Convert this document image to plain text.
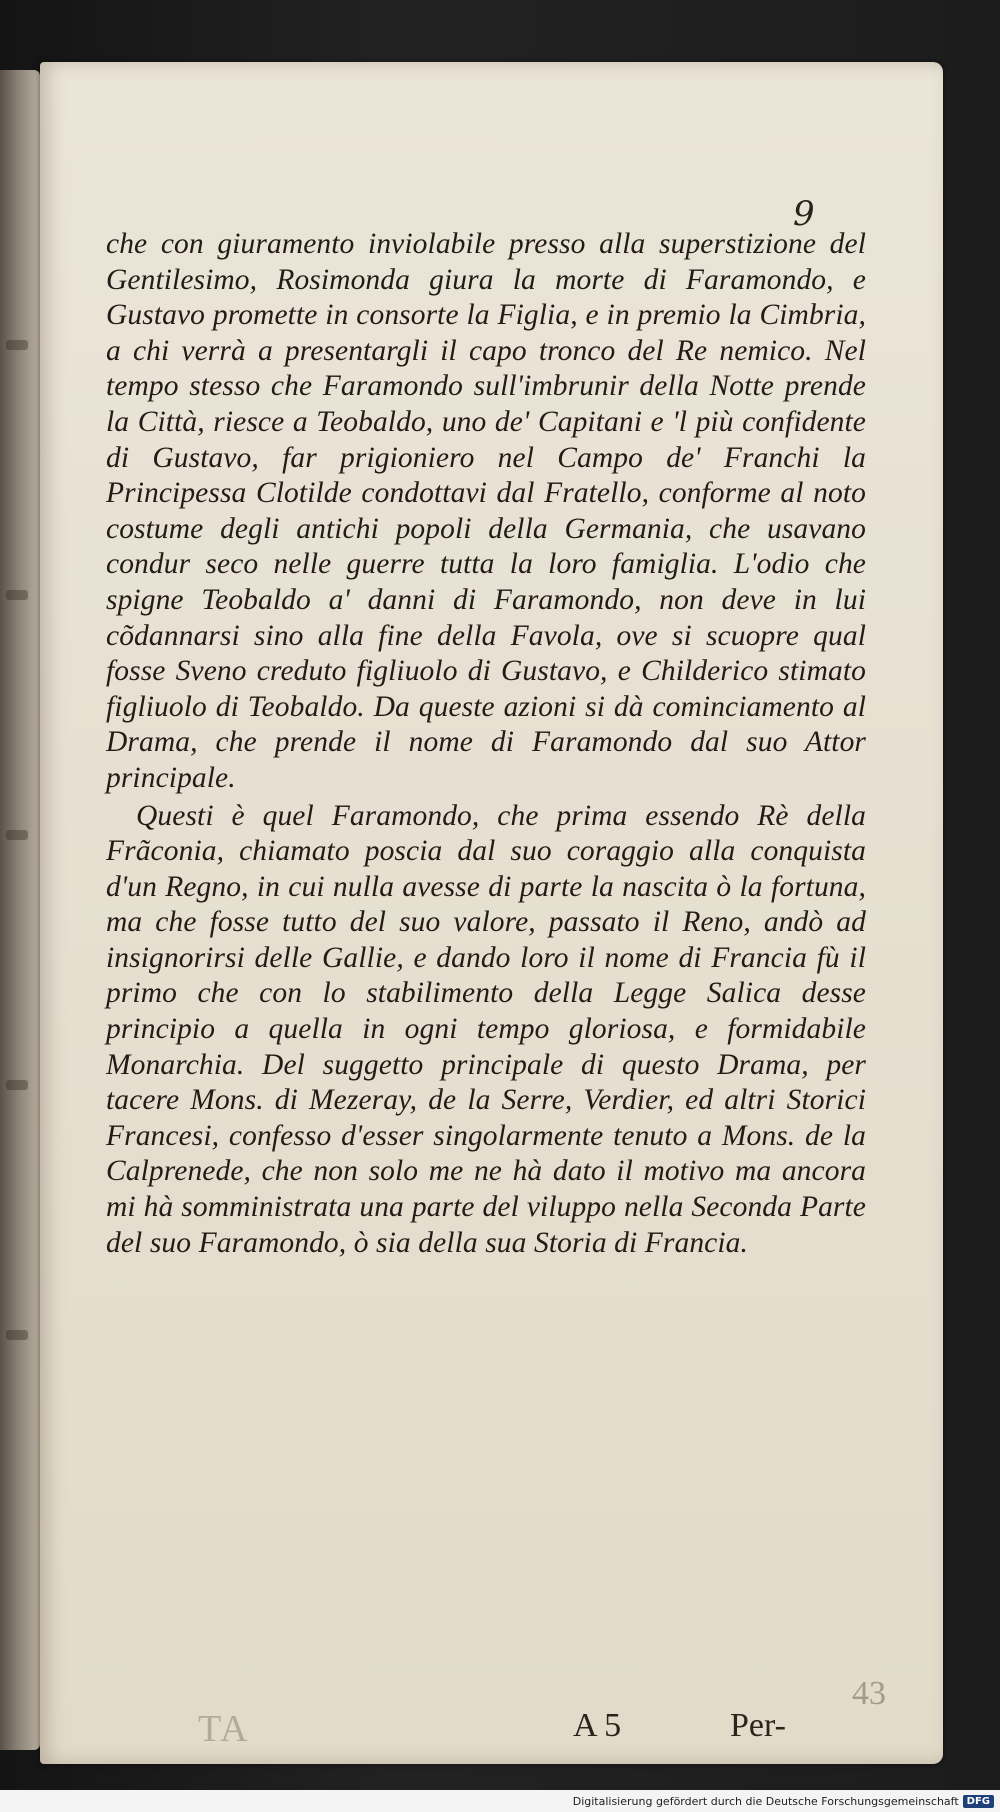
9

che con giuramento inviolabile presso alla superstizione del Gentilesimo, Rosimonda giura la morte di Faramondo, e Gustavo promette in consorte la Figlia, e in premio la Cimbria, a chi verrà a presentargli il capo tronco del Re nemico. Nel tempo stesso che Faramondo sull'imbrunir della Notte prende la Città, riesce a Teobaldo, uno de' Capitani e 'l più confidente di Gustavo, far prigioniero nel Campo de' Franchi la Principessa Clotilde condottavi dal Fratello, conforme al noto costume degli antichi popoli della Germania, che usavano condur seco nelle guerre tutta la loro famiglia. L'odio che spigne Teobaldo a' danni di Faramondo, non deve in lui cõdannarsi sino alla fine della Favola, ove si scuopre qual fosse Sveno creduto figliuolo di Gustavo, e Childerico stimato figliuolo di Teobaldo. Da queste azioni si dà cominciamento al Drama, che prende il nome di Faramondo dal suo Attor principale.

Questi è quel Faramondo, che prima essendo Rè della Frãconia, chiamato poscia dal suo coraggio alla conquista d'un Regno, in cui nulla avesse di parte la nascita ò la fortuna, ma che fosse tutto del suo valore, passato il Reno, andò ad insignorirsi delle Gallie, e dando loro il nome di Francia fù il primo che con lo stabilimento della Legge Salica desse principio a quella in ogni tempo gloriosa, e formidabile Monarchia. Del suggetto principale di questo Drama, per tacere Mons. di Mezeray, de la Serre, Verdier, ed altri Storici Francesi, confesso d'esser singolarmente tenuto a Mons. de la Calprenede, che non solo me ne hà dato il motivo ma ancora mi hà somministrata una parte del viluppo nella Seconda Parte del suo Faramondo, ò sia della sua Storia di Francia.

43
TA	A 5	Per-
Digitalisierung gefördert durch die Deutsche Forschungsgemeinschaft DFG
